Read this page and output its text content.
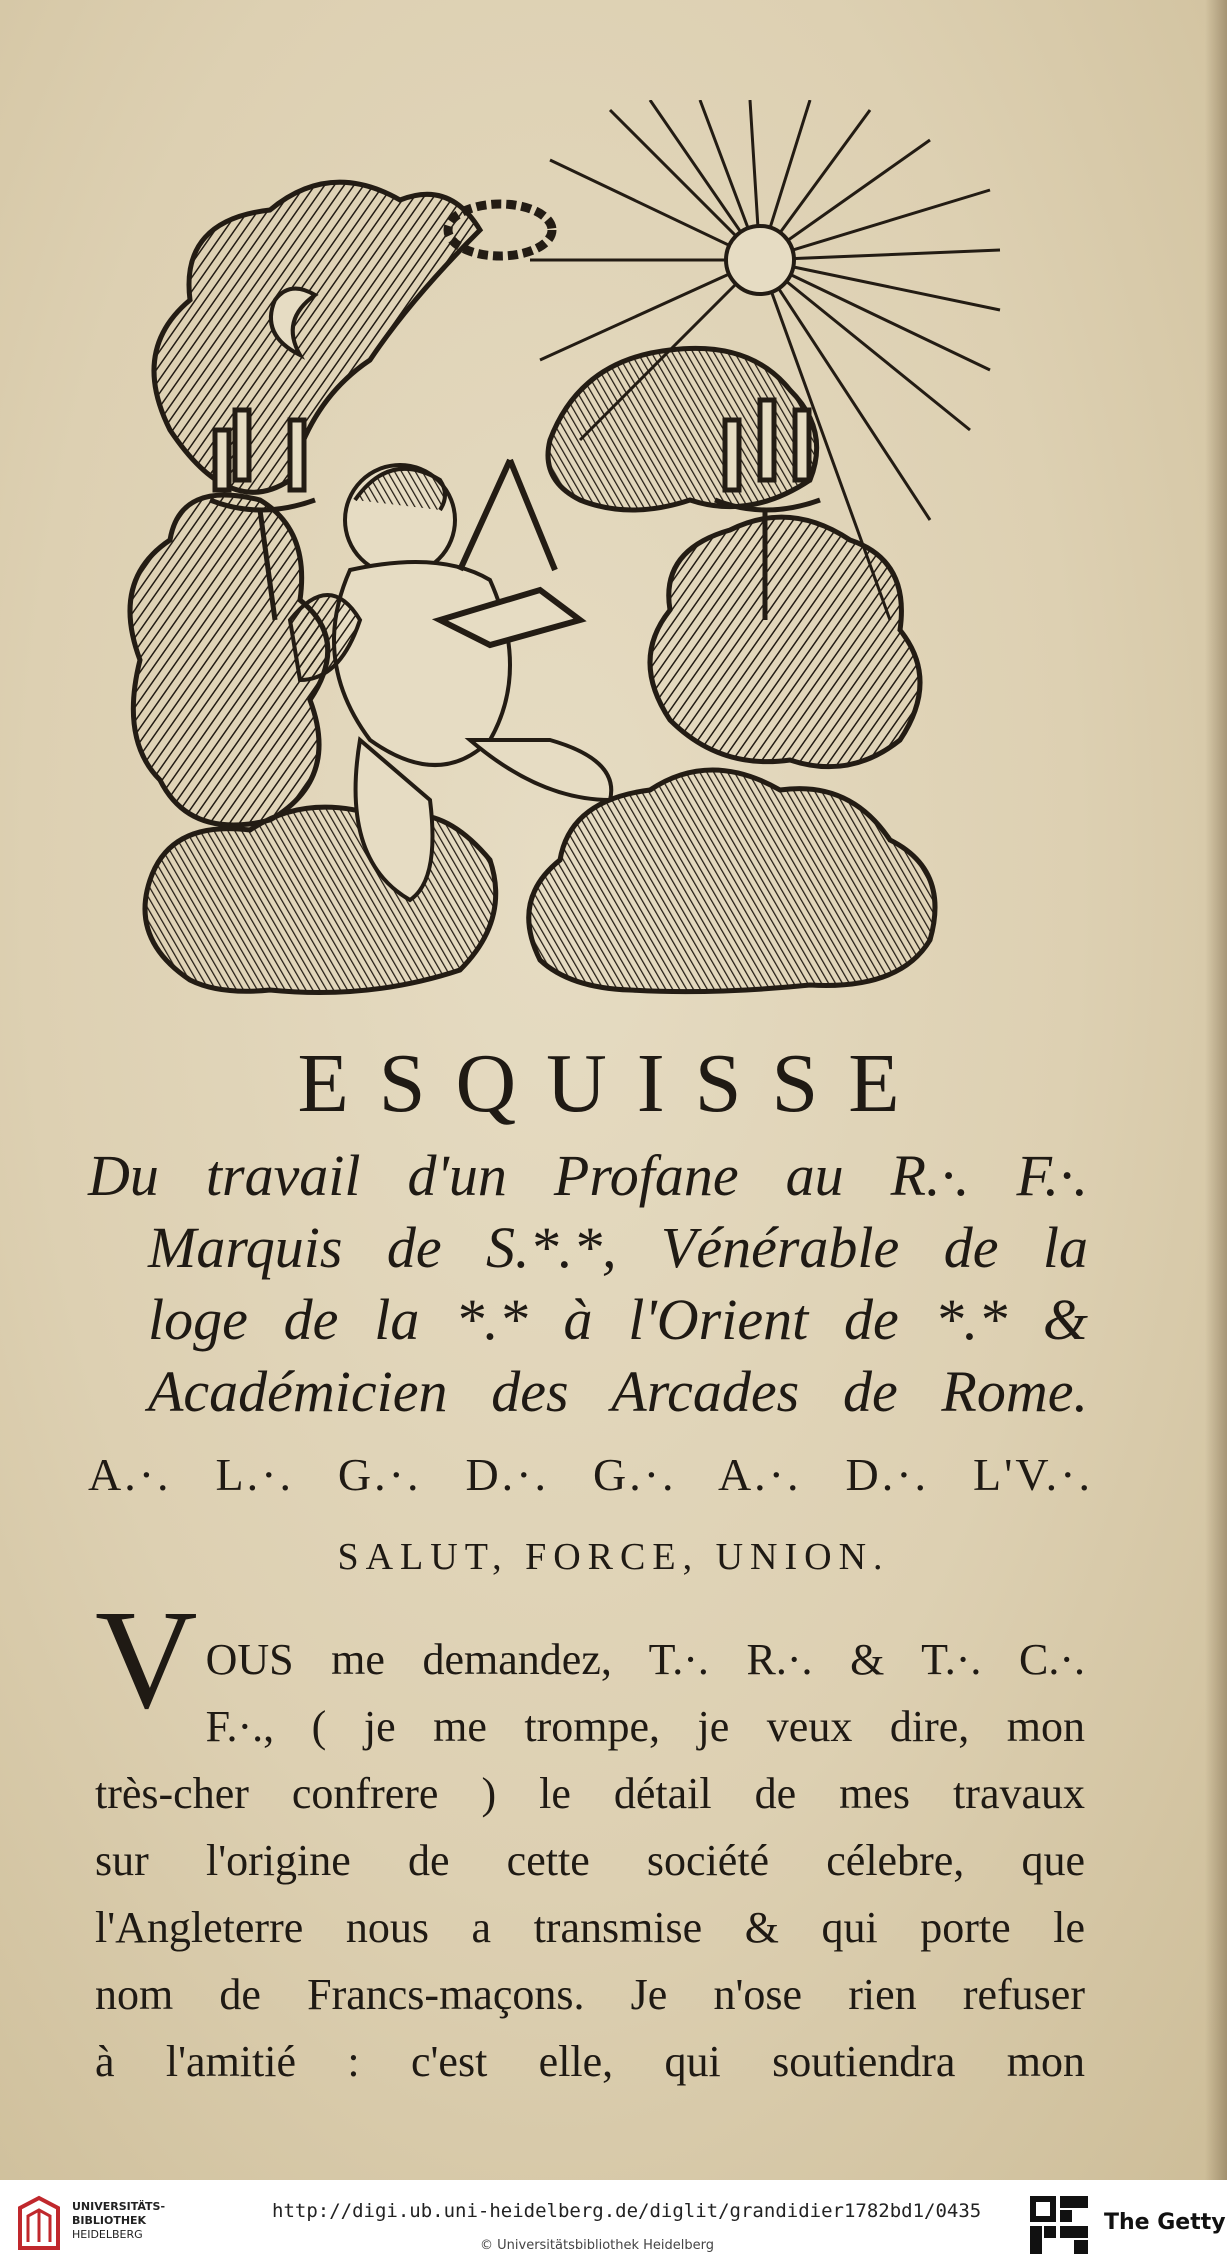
ESQUISSE
Du travail d'un Profane au R.·. F.·.
Marquis de S.*.*, Vénérable de la
loge de la *.* à l'Orient de *.* &
Académicien des Arcades de Rome.
A.·. L.·. G.·. D.·. G.·. A.·. D.·. L'V.·.
SALUT, FORCE, UNION.
V OUS me demandez, T.·. R.·. & T.·. C.·.
F.·., ( je me trompe, je veux dire, mon
très-cher confrere ) le détail de mes travaux
sur l'origine de cette société célebre, que
l'Angleterre nous a transmise & qui porte le
nom de Francs-maçons. Je n'ose rien refuser
à l'amitié : c'est elle, qui soutiendra mon
UNIVERSITÄTS-
BIBLIOTHEK
HEIDELBERG
http://digi.ub.uni-heidelberg.de/diglit/grandidier1782bd1/0435
© Universitätsbibliothek Heidelberg
The Getty
